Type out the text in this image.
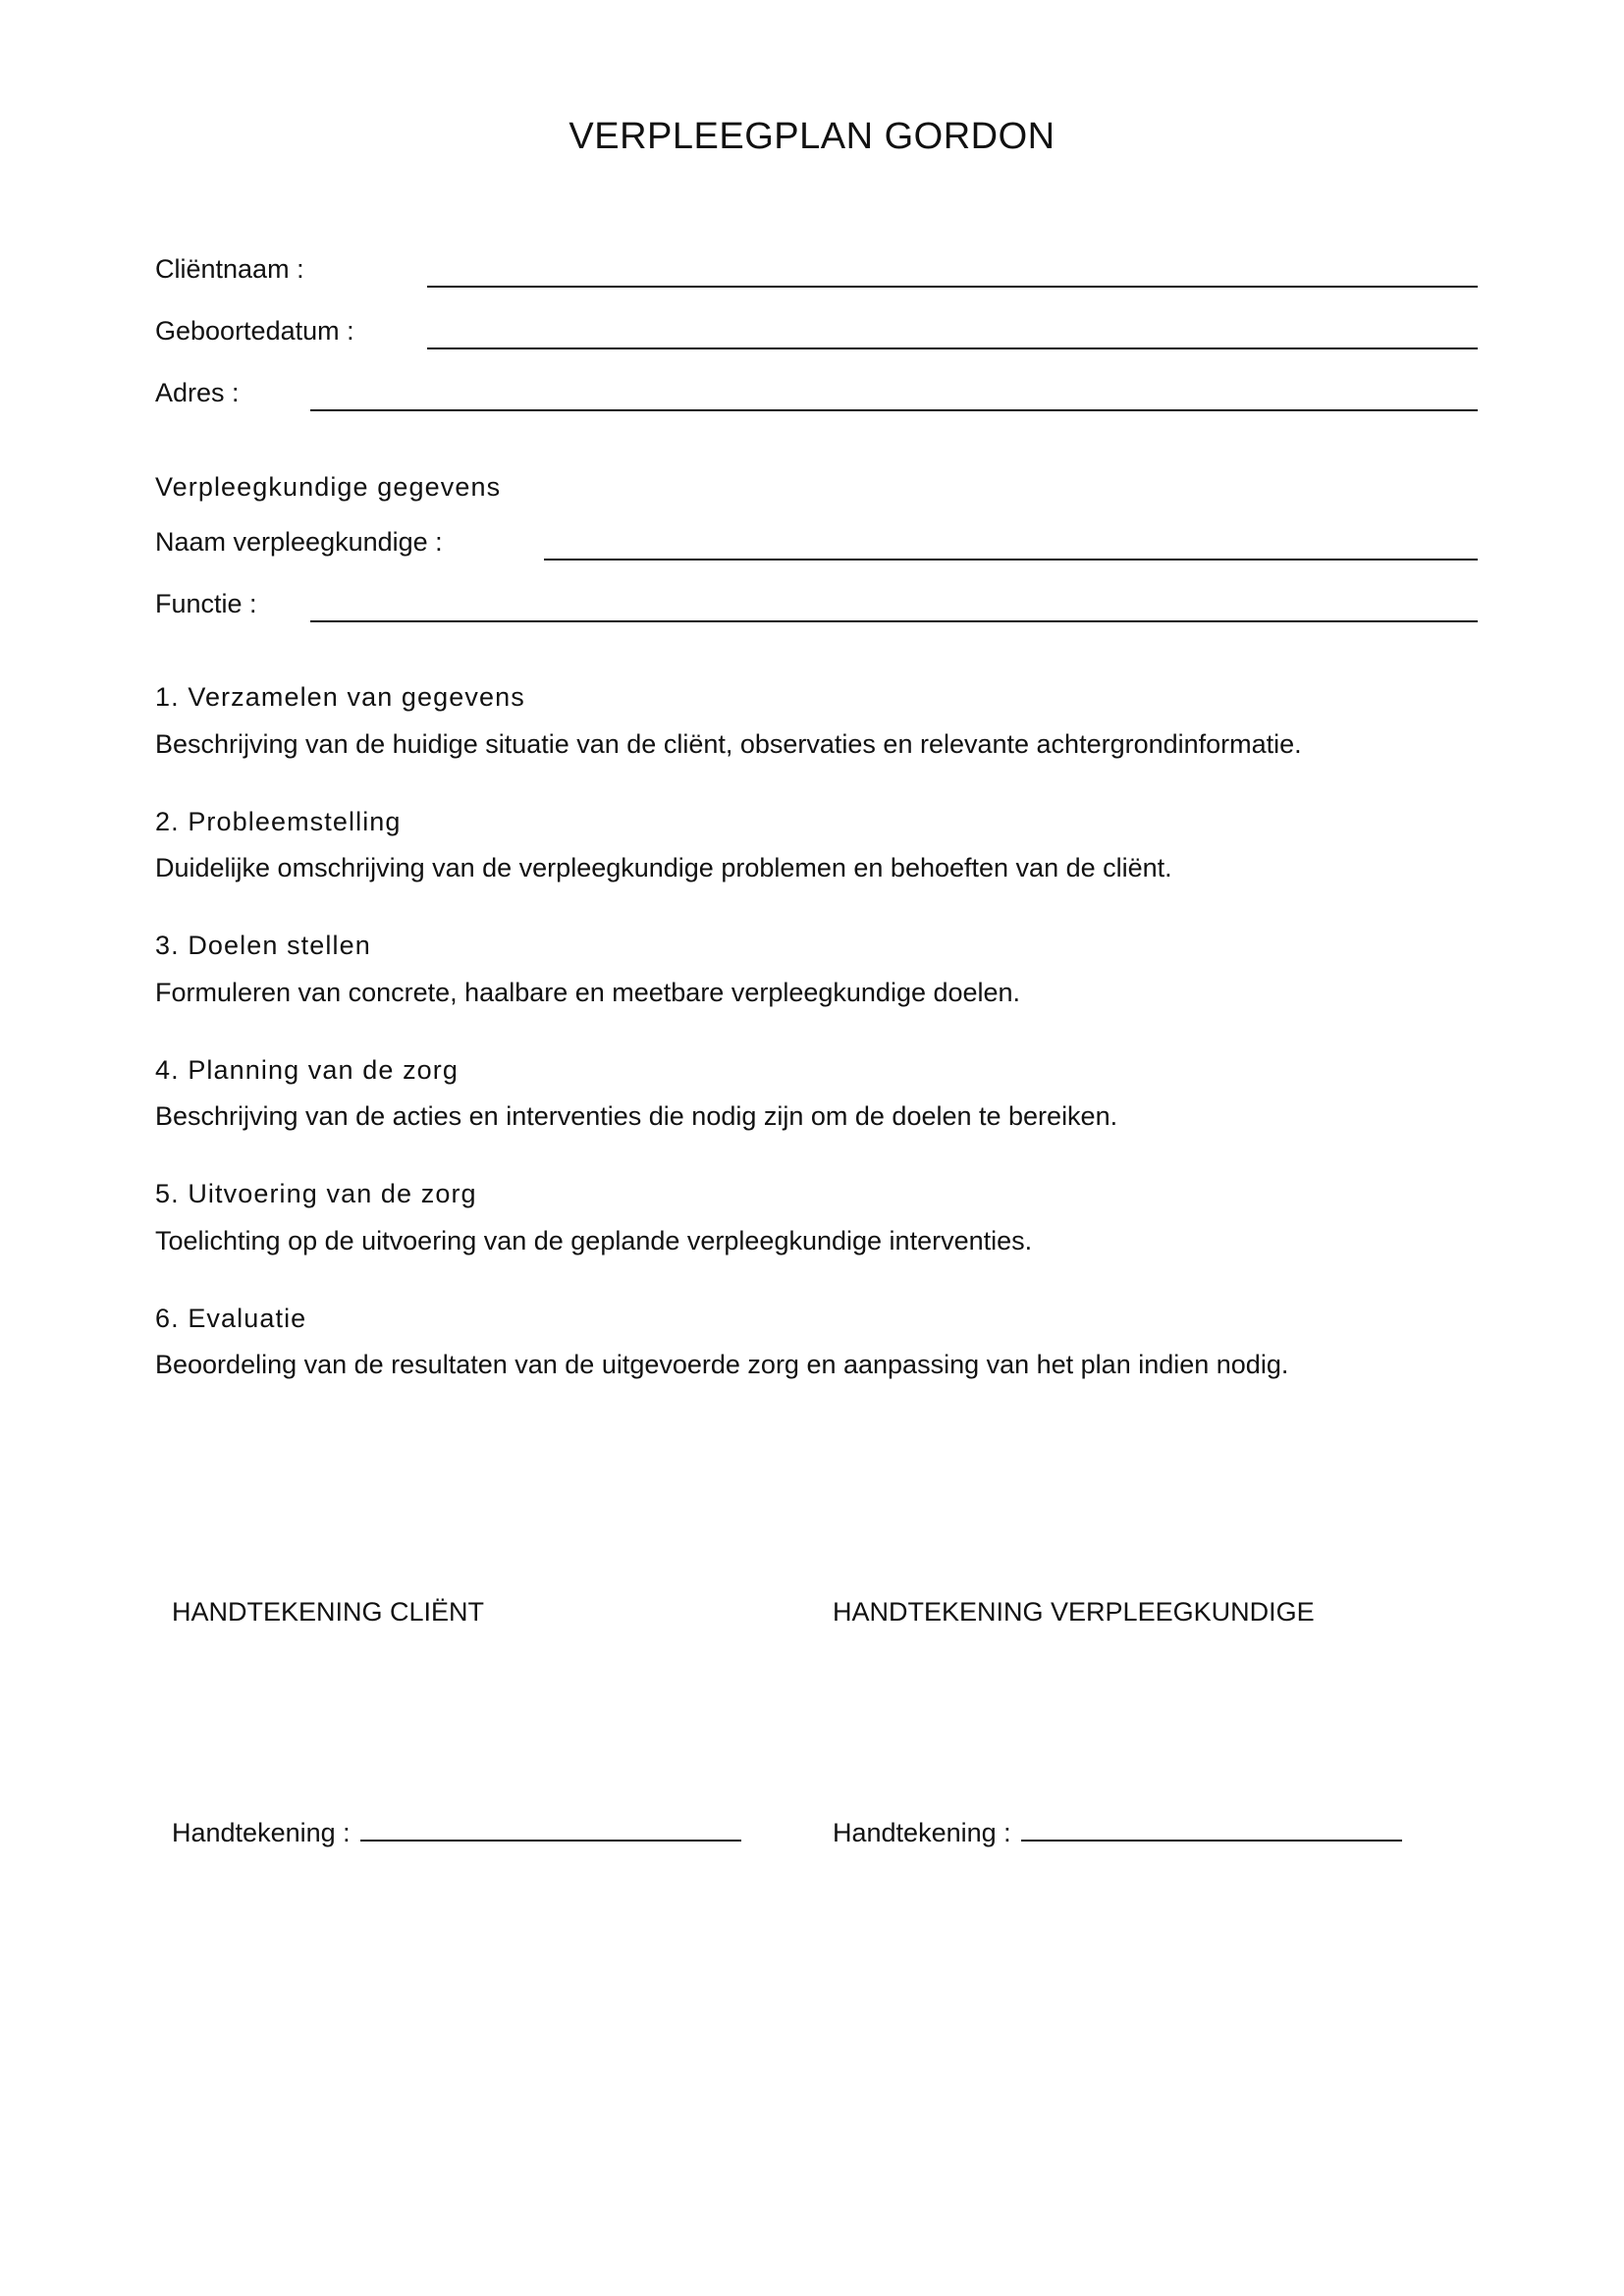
VERPLEEGPLAN GORDON
Cliëntnaam :
Geboortedatum :
Adres :
Verpleegkundige gegevens
Naam verpleegkundige :
Functie :
1. Verzamelen van gegevens
Beschrijving van de huidige situatie van de cliënt, observaties en relevante achtergrondinformatie.
2. Probleemstelling
Duidelijke omschrijving van de verpleegkundige problemen en behoeften van de cliënt.
3. Doelen stellen
Formuleren van concrete, haalbare en meetbare verpleegkundige doelen.
4. Planning van de zorg
Beschrijving van de acties en interventies die nodig zijn om de doelen te bereiken.
5. Uitvoering van de zorg
Toelichting op de uitvoering van de geplande verpleegkundige interventies.
6. Evaluatie
Beoordeling van de resultaten van de uitgevoerde zorg en aanpassing van het plan indien nodig.
HANDTEKENING CLIËNT	HANDTEKENING VERPLEEGKUNDIGE
Handtekening :	Handtekening :
